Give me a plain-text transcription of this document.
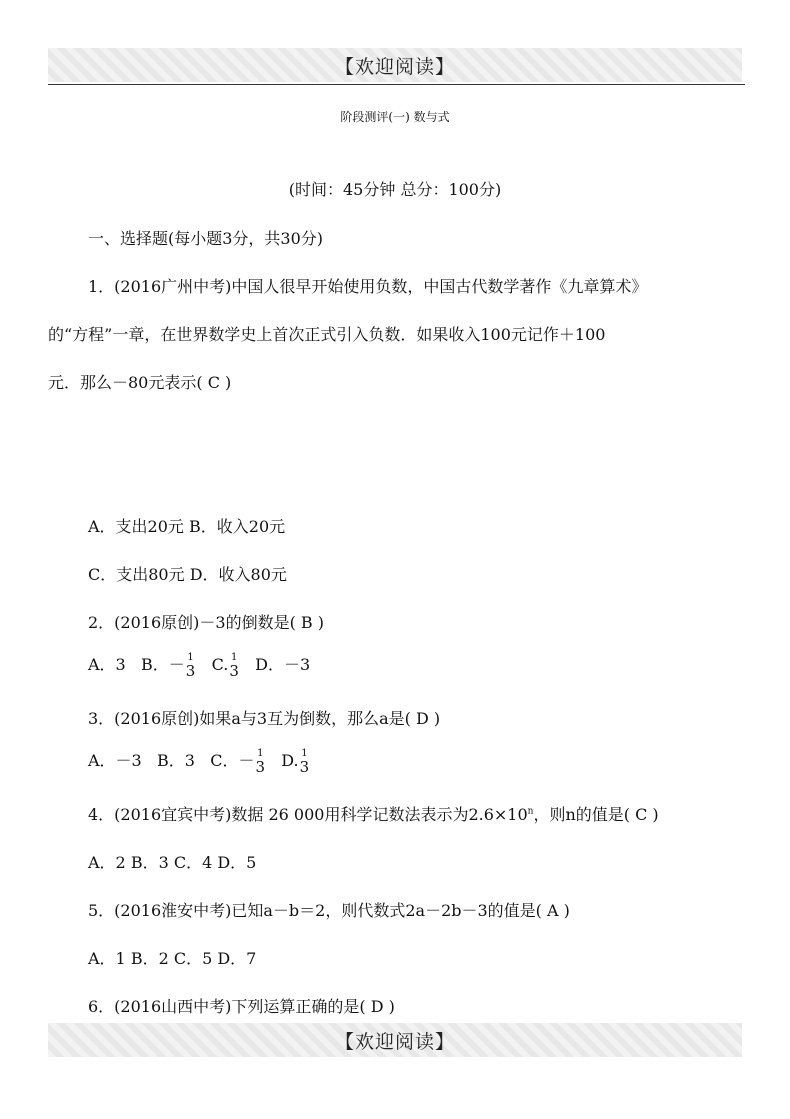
【欢迎阅读】
阶段测评(一) 数与式
(时间：45分钟 总分：100分)
一、选择题(每小题3分，共30分)
1．(2016广州中考)中国人很早开始使用负数，中国古代数学著作《九章算术》
的“方程”一章，在世界数学史上首次正式引入负数．如果收入100元记作＋100
元．那么－80元表示( C )
A．支出20元 B．收入20元
C．支出80元 D．收入80元
2．(2016原创)－3的倒数是( B )
A．3 B．－ 1
3 C. 1
3 D．－3
3．(2016原创)如果a与3互为倒数，那么a是( D )
A．－3 B．3 C．－ 1
3 D. 1
3
4．(2016宜宾中考)数据 26 000用科学记数法表示为$2.6\times 10^n$，则n的值是( C )
A．2 B．3 C．4 D．5
5．(2016淮安中考)已知a－b＝2，则代数式2a－2b－3的值是( A )
A．1 B．2 C．5 D．7
6．(2016山西中考)下列运算正确的是( D )
【欢迎阅读】
